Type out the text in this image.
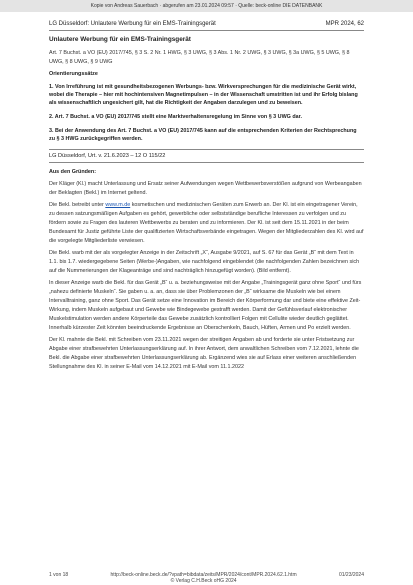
Kopie von Andreas Sauerbach · abgerufen am 23.01.2024 09:57 · Quelle: beck-online DIE DATENBANK
LG Düsseldorf: Unlautere Werbung für ein EMS-Trainingsgerät	MPR 2024, 62
Unlautere Werbung für ein EMS-Trainingsgerät
Art. 7 Buchst. a VO (EU) 2017/745, § 3 S. 2 Nr. 1 HWG, § 3 UWG, § 3 Abs. 1 Nr. 2 UWG, § 3 UWG, § 3a UWG, § 5 UWG, § 8 UWG, § 8 UWG, § 9 UWG
Orientierungssätze
1. Von Irreführung ist mit gesundheitsbezogenen Werbungs- bzw. Wirkversprechungen für die medizinische Gerät wirkt, wobei die Therapie – hier mit hochintensiven Magnetimpulsen – in der Wissenschaft umstritten ist und ihr Erfolg bislang als wissenschaftlich ungesichert gilt, hat die Richtigkeit der Angaben darzulegen und zu beweisen.
2. Art. 7 Buchst. a VO (EU) 2017/745 stellt eine Marktverhaltensregelung im Sinne von § 3 UWG dar.
3. Bei der Anwendung des Art. 7 Buchst. a VO (EU) 2017/745 kann auf die entsprechenden Kriterien der Rechtsprechung zu § 3 HWG zurückgegriffen werden.
LG Düsseldorf, Urt. v. 21.6.2023 – 12 O 115/22
Aus den Gründen:
Der Kläger (Kl.) macht Unterlassung und Ersatz seiner Aufwendungen wegen Wettbewerbsverstößen aufgrund von Werbeangaben der Beklagten (Bekl.) im Internet geltend.
Die Bekl. betreibt unter www.m.de kosmetischen und medizinischen Geräten zum Erwerb an. Der Kl. ist ein eingetragener Verein, zu dessen satzungsmäßigen Aufgaben es gehört, gewerbliche oder selbstständige berufliche Interessen zu verfolgen und zu fördern sowie zu Fragen des lauteren Wettbewerbs zu beraten und zu informieren. Der Kl. ist seit dem 15.11.2021 in der beim Bundesamt für Justiz geführte Liste der qualifizierten Wirtschaftsverbände eingetragen. Wegen der Mitgliederzahlen des Kl. wird auf die vorgelegte Mitgliederliste verwiesen.
Die Bekl. warb mit der als vorgelegter Anzeige in der Zeitschrift „X“, Ausgabe 9/2021, auf S. 67 für das Gerät „B“ mit dem Text in 1.1. bis 1.7. wiedergegebene Seiten (Werbe-)Angaben, wie nachfolgend eingeblendet (die nachfolgenden Zahlen bezeichnen sich auf die Nummerierungen der Klageanträge und sind nachträglich hinzugefügt worden). (Bild entfernt).
In dieser Anzeige warb die Bekl. für das Gerät „B“ u. a. beziehungsweise mit der Angabe „Trainingsgerät ganz ohne Sport“ und fürs „nahezu definierte Muskeln“. Sie gaben u. a. an, dass sie über Problemzonen der „B“ wirksame die Muskeln wie bei einem Intervalltraining, ganz ohne Sport. Das Gerät setze eine Innovation im Bereich der Körperformung dar und biete eine effektive Zeit-Wirkung, indem Muskeln aufgebaut und Gewebe wie Bindegewebe gestrafft werden. Damit der Gefühlsverlauf elektronischer Muskelstimulation werden andere Körperteile das Gewebe zusätzlich kontrolliert Folgen mit Cellulite wieder deutlich geglättet. Innerhalb kürzester Zeit könnten beeindruckende Ergebnisse an Oberschenkeln, Bauch, Hüften, Armen und Po erzielt werden.
Der Kl. mahnte die Bekl. mit Schreiben vom 23.11.2021 wegen der streitigen Angaben ab und forderte sie unter Fristsetzung zur Abgabe einer strafbewehrten Unterlassungserklärung auf. In ihrer Antwort, dem anwaltlichen Schreiben vom 7.12.2021, lehnte die Bekl. die Abgabe einer strafbewehrten Unterlassungserklärung ab. Ergänzend wies sie auf Erlass einer weiteren anschließenden Stellungnahme des Kl. in seiner E-Mail vom 14.12.2021 mit E-Mail vom 11.1.2022
1 von 18	http://beck-online.beck.de/?vpath=bibdata/zeits/MPR/2024/cont/MPR.2024.62.1.htm
© Verlag C.H.Beck oHG 2024
01/23/2024
